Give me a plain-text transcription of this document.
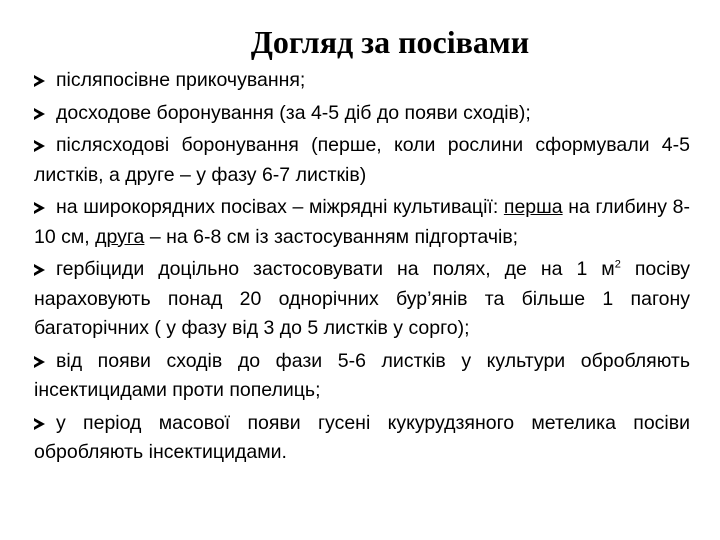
Догляд за посівами
післяпосівне прикочування;
досходове боронування (за 4-5 діб до появи сходів);
післясходові боронування (перше, коли рослини сформували 4-5 листків, а друге – у фазу 6-7 листків)
на широкорядних посівах – міжрядні культивації: перша на глибину 8-10 см, друга – на 6-8 см із застосуванням підгортачів;
гербіциди доцільно застосовувати на полях, де на 1 $м^2$ посіву нараховують понад 20 однорічних бур’янів та більше 1 пагону багаторічних ( у фазу від 3 до 5 листків у сорго);
від появи сходів до фази 5-6 листків у культури обробляють інсектицидами проти попелиць;
у період масової появи гусені кукурудзяного метелика посіви обробляють інсектицидами.
